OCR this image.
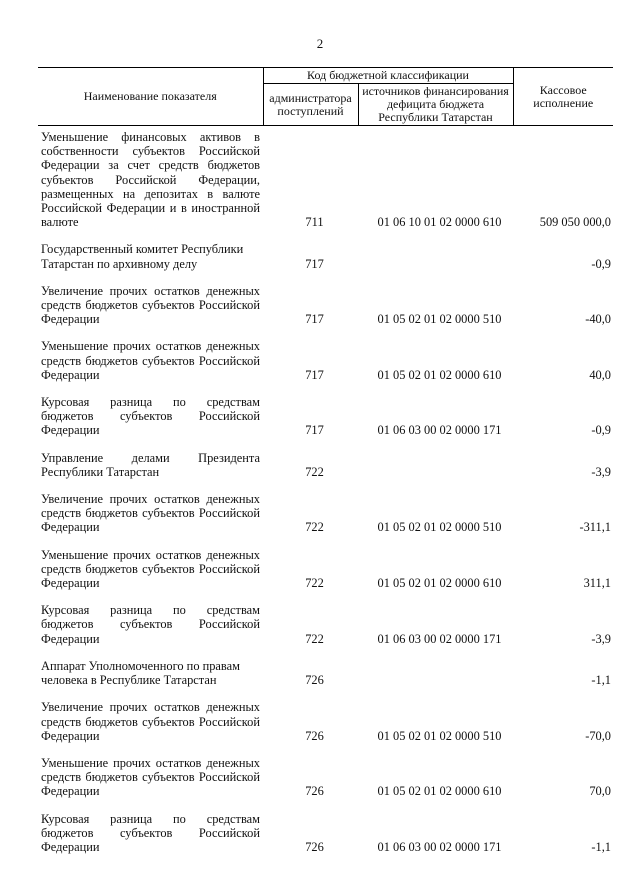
2
Наименование показателя	Код бюджетной классификации		Кассовое исполнение
	администратора поступлений	источников финансирования дефицита бюджета Республики Татарстан	
Уменьшение финансовых активов в собственности субъектов Российской Федерации за счет средств бюджетов субъектов Российской Федерации, размещенных на депозитах в валюте Российской Федерации и в иностранной валюте	711	01 06 10 01 02 0000 610	509 050 000,0
Государственный комитет Республики Татарстан по архивному делу	717		-0,9
Увеличение прочих остатков денежных средств бюджетов субъектов Российской Федерации	717	01 05 02 01 02 0000 510	-40,0
Уменьшение прочих остатков денежных средств бюджетов субъектов Российской Федерации	717	01 05 02 01 02 0000 610	40,0
Курсовая разница по средствам бюджетов субъектов Российской Федерации	717	01 06 03 00 02 0000 171	-0,9
Управление делами Президента Республики Татарстан	722		-3,9
Увеличение прочих остатков денежных средств бюджетов субъектов Российской Федерации	722	01 05 02 01 02 0000 510	-311,1
Уменьшение прочих остатков денежных средств бюджетов субъектов Российской Федерации	722	01 05 02 01 02 0000 610	311,1
Курсовая разница по средствам бюджетов субъектов Российской Федерации	722	01 06 03 00 02 0000 171	-3,9
Аппарат Уполномоченного по правам человека в Республике Татарстан	726		-1,1
Увеличение прочих остатков денежных средств бюджетов субъектов Российской Федерации	726	01 05 02 01 02 0000 510	-70,0
Уменьшение прочих остатков денежных средств бюджетов субъектов Российской Федерации	726	01 05 02 01 02 0000 610	70,0
Курсовая разница по средствам бюджетов субъектов Российской Федерации	726	01 06 03 00 02 0000 171	-1,1
